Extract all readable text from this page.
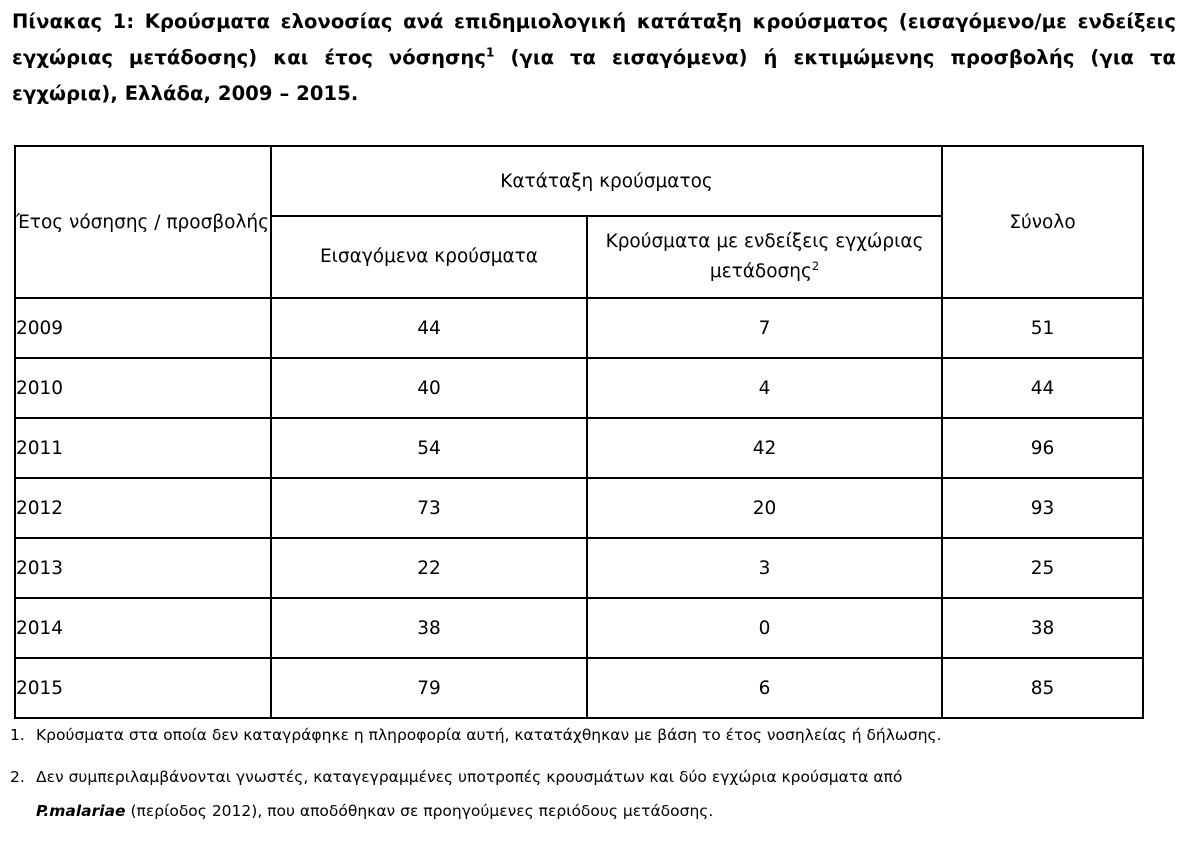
Πίνακας 1: Κρούσματα ελονοσίας ανά επιδημιολογική κατάταξη κρούσματος (εισαγόμενο/με ενδείξεις εγχώριας μετάδοσης) και έτος νόσησης$^1$ (για τα εισαγόμενα) ή εκτιμώμενης προσβολής (για τα εγχώρια), Ελλάδα, 2009 – 2015.
Έτος νόσησης / προσβολής	Κατάταξη κρούσματος		Σύνολο
	Εισαγόμενα κρούσματα	Κρούσματα με ενδείξεις εγχώριας μετάδοσης$^2$
2009	44	7	51
2010	40	4	44
2011	54	42	96
2012	73	20	93
2013	22	3	25
2014	38	0	38
2015	79	6	85
1. Κρούσματα στα οποία δεν καταγράφηκε η πληροφορία αυτή, κατατάχθηκαν με βάση το έτος νοσηλείας ή δήλωσης.
2. Δεν συμπεριλαμβάνονται γνωστές, καταγεγραμμένες υποτροπές κρουσμάτων και δύο εγχώρια κρούσματα από
P.malariae (περίοδος 2012), που αποδόθηκαν σε προηγούμενες περιόδους μετάδοσης.
